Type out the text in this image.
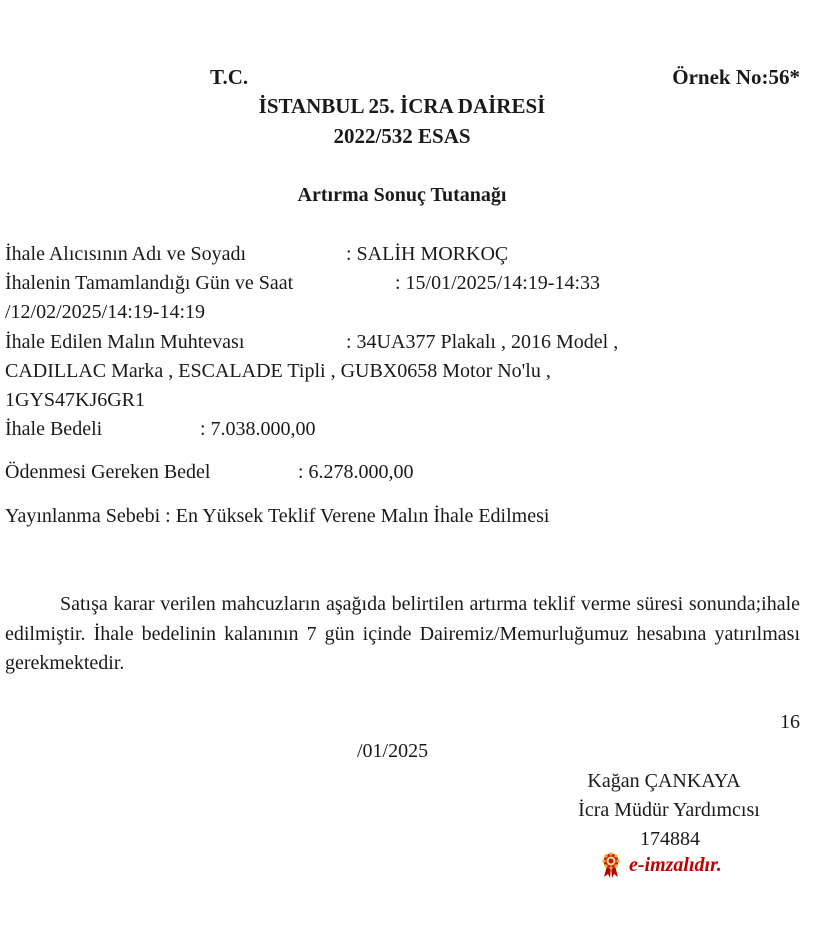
T.C.	Örnek No:56*
İSTANBUL 25. İCRA DAİRESİ
2022/532 ESAS
Artırma Sonuç Tutanağı
İhale Alıcısının Adı ve Soyadı	: SALİH MORKOÇ
İhalenin Tamamlandığı Gün ve Saat	: 15/01/2025/14:19-14:33
/12/02/2025/14:19-14:19
İhale Edilen Malın Muhtevası	: 34UA377 Plakalı , 2016 Model ,
CADILLAC Marka , ESCALADE Tipli , GUBX0658 Motor No'lu ,
1GYS47KJ6GR1
İhale Bedeli	: 7.038.000,00
Ödenmesi Gereken Bedel	: 6.278.000,00
Yayınlanma Sebebi : En Yüksek Teklif Verene Malın İhale Edilmesi
Satışa karar verilen mahcuzların aşağıda belirtilen artırma teklif verme süresi sonunda;ihale edilmiştir. İhale bedelinin kalanının 7 gün içinde Dairemiz/Memurluğumuz hesabına yatırılması gerekmektedir.
16
/01/2025
Kağan ÇANKAYA
İcra Müdür Yardımcısı
174884
e-imzalıdır.
